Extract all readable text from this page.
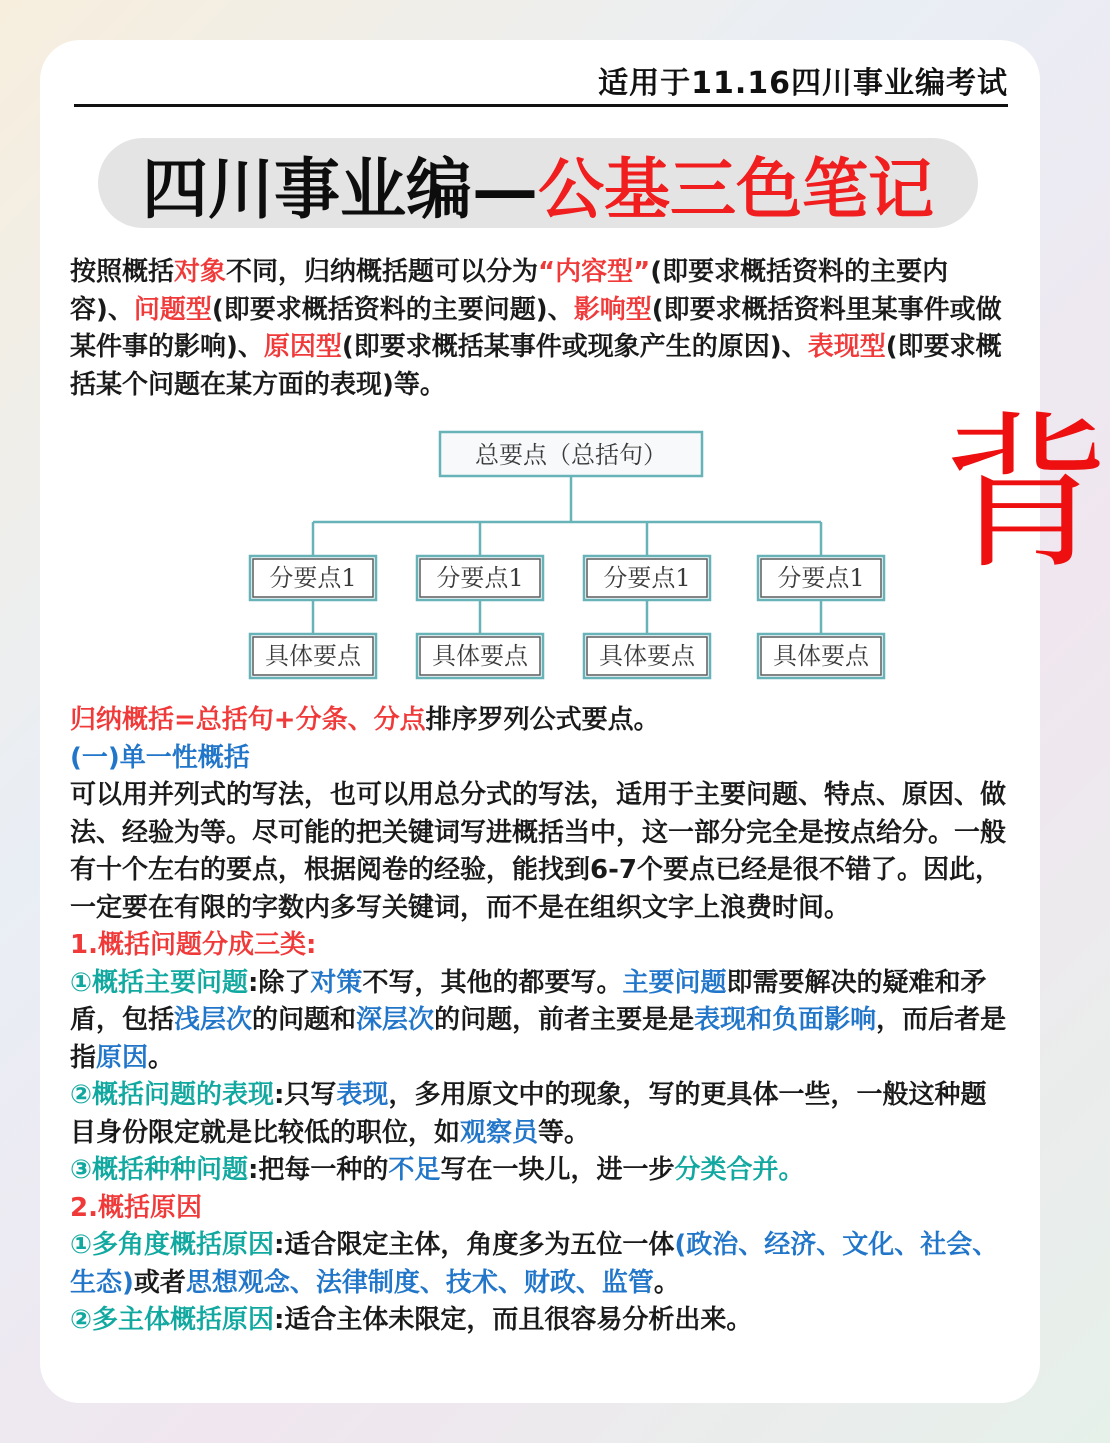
适用于11.16四川事业编考试
四川事业编— 公基三色笔记

按照概括对象不同，归纳概括题可以分为“内容型”(即要求概括资料的主要内容)、问题型(即要求概括资料的主要问题)、影响型(即要求概括资料里某事件或做某件事的影响)、原因型(即要求概括某事件或现象产生的原因)、表现型(即要求概括某个问题在某方面的表现)等。

背
总要点（总括句）
分要点1
具体要点
分要点1
具体要点
分要点1
具体要点
分要点1
具体要点
归纳概括=总括句+分条、分点排序罗列公式要点。
(一)单一性概括
可以用并列式的写法，也可以用总分式的写法，适用于主要问题、特点、原因、做法、经验为等。尽可能的把关键词写进概括当中，这一部分完全是按点给分。一般有十个左右的要点，根据阅卷的经验，能找到6-7个要点已经是很不错了。因此，一定要在有限的字数内多写关键词，而不是在组织文字上浪费时间。
1.概括问题分成三类:
①概括主要问题:除了对策不写，其他的都要写。主要问题即需要解决的疑难和矛盾，包括浅层次的问题和深层次的问题，前者主要是是表现和负面影响，而后者是指原因。
②概括问题的表现:只写表现，多用原文中的现象，写的更具体一些，一般这种题目身份限定就是比较低的职位，如观察员等。
③概括种种问题:把每一种的不足写在一块儿，进一步分类合并。
2.概括原因
①多角度概括原因:适合限定主体，角度多为五位一体(政治、经济、文化、社会、生态)或者思想观念、法律制度、技术、财政、监管。
②多主体概括原因:适合主体未限定，而且很容易分析出来。
